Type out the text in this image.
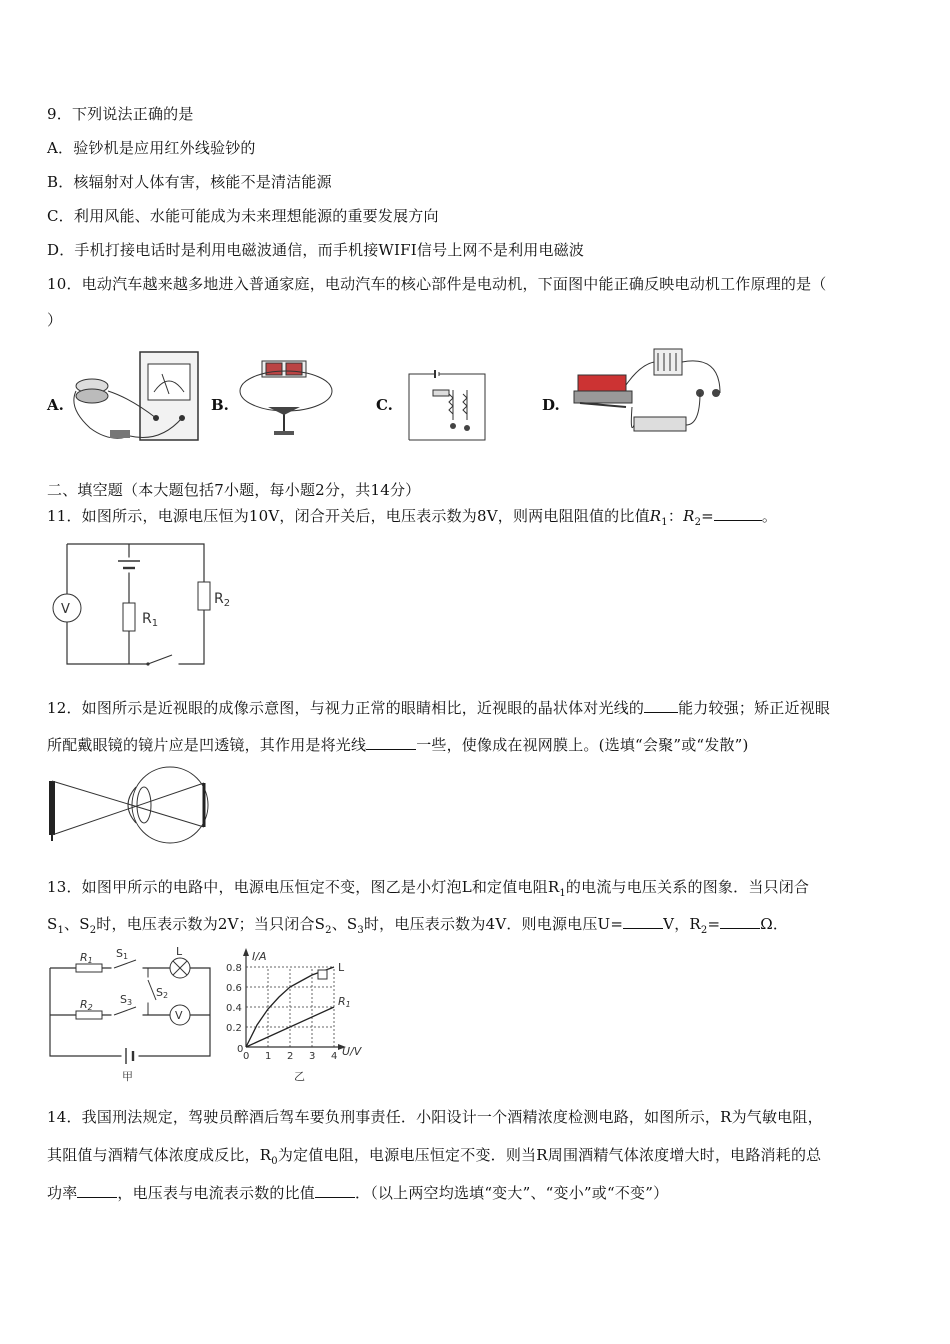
9．下列说法正确的是
A．验钞机是应用红外线验钞的
B．核辐射对人体有害，核能不是清洁能源
C．利用风能、水能可能成为未来理想能源的重要发展方向
D．手机打接电话时是利用电磁波通信，而手机接WIFI信号上网不是利用电磁波
10．电动汽车越来越多地进入普通家庭，电动汽车的核心部件是电动机，下面图中能正确反映电动机工作原理的是（
）
A.	B.	C.	D.
二、填空题（本大题包括7小题，每小题2分，共14分）
11．如图所示，电源电压恒为10V，闭合开关后，电压表示数为8V，则两电阻阻值的比值$R_1$：$R_2=$	。
$R_1$
$R_2$
V
12．如图所示是近视眼的成像示意图，与视力正常的眼睛相比，近视眼的晶状体对光线的 能力较强；矫正近视眼
所配戴眼镜的镜片应是凹透镜，其作用是将光线	一些，使像成在视网膜上。(选填“会聚”或“发散”)
13．如图甲所示的电路中，电源电压恒定不变，图乙是小灯泡L和定值电阻$R_1$的电流与电压关系的图象．当只闭合
$S_1$、$S_2$时，电压表示数为2V；当只闭合$S_2$、$S_3$时，电压表示数为4V．则电源电压U=	V，$R_2=$	Ω．
R1
R2
S1
S3
S2
L
V
甲
I/A
U/V
乙
0 1 2 3 4
0.2
0.4
0.6
0.8
0
L
R1
14．我国刑法规定，驾驶员醉酒后驾车要负刑事责任．小阳设计一个酒精浓度检测电路，如图所示，R为气敏电阻，
其阻值与酒精气体浓度成反比，$R_0$为定值电阻，电源电压恒定不变．则当R周围酒精气体浓度增大时，电路消耗的总
功率	，电压表与电流表示数的比值	．（以上两空均选填“变大”、“变小”或“不变”）
